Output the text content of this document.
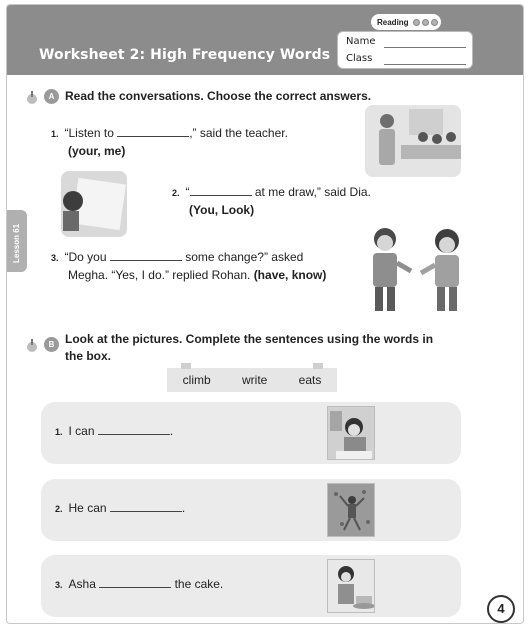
Worksheet 2: High Frequency Words
Reading
Name
Class
Lesson 61
A Read the conversations. Choose the correct answers.
1. “Listen to	,” said the teacher.
(your, me)
2. “	at me draw,” said Dia.
(You, Look)
3. “Do you	some change?” asked
Megha. “Yes, I do.” replied Rohan. (have, know)
B Look at the pictures. Complete the sentences using the words in
the box.
climb	write	eats
1. I can	.
2. He can	.
3. Asha	the cake.
4
